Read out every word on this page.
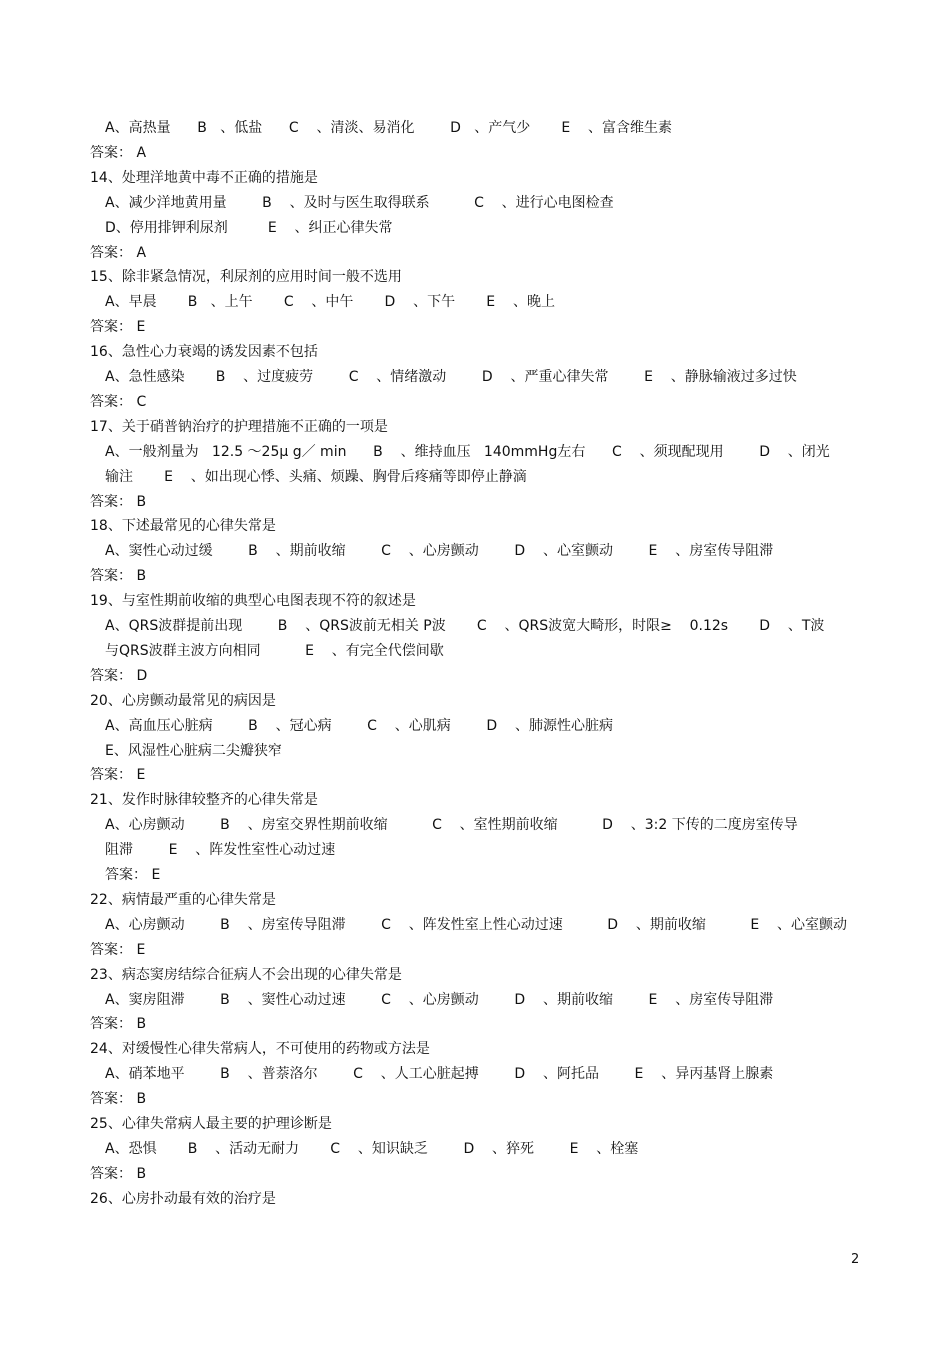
A、高热量      B   、低盐      C    、清淡、易消化        D   、产气少       E    、富含维生素
答案： A
14、处理洋地黄中毒不正确的措施是
A、减少洋地黄用量        B    、及时与医生取得联系          C    、进行心电图检查
D、停用排钾利尿剂         E    、纠正心律失常
答案： A
15、除非紧急情况，利尿剂的应用时间一般不选用
A、早晨       B   、上午       C    、中午       D    、下午       E    、晚上
答案： E
16、急性心力衰竭的诱发因素不包括
A、急性感染       B    、过度疲劳        C    、情绪激动        D    、严重心律失常        E    、静脉输液过多过快
答案： C
17、关于硝普钠治疗的护理措施不正确的一项是
A、一般剂量为   12.5 ～25μ g／ min      B    、维持血压   140mmHg左右      C    、须现配现用        D    、闭光
输注       E    、如出现心悸、头痛、烦躁、胸骨后疼痛等即停止静滴
答案： B
18、下述最常见的心律失常是
A、窦性心动过缓        B    、期前收缩        C    、心房颤动        D    、心室颤动        E    、房室传导阻滞
答案： B
19、与室性期前收缩的典型心电图表现不符的叙述是
A、QRS波群提前出现        B    、QRS波前无相关 P波       C    、QRS波宽大畸形，时限≥    0.12s       D    、T波
与QRS波群主波方向相同          E    、有完全代偿间歇
答案： D
20、心房颤动最常见的病因是
A、高血压心脏病        B    、冠心病        C    、心肌病        D    、肺源性心脏病
E、风湿性心脏病二尖瓣狭窄
答案： E
21、发作时脉律较整齐的心律失常是
A、心房颤动        B    、房室交界性期前收缩          C    、室性期前收缩          D    、3:2 下传的二度房室传导
阻滞        E    、阵发性室性心动过速
答案： E
22、病情最严重的心律失常是
A、心房颤动        B    、房室传导阻滞        C    、阵发性室上性心动过速          D    、期前收缩          E    、心室颤动
答案： E
23、病态窦房结综合征病人不会出现的心律失常是
A、窦房阻滞        B    、窦性心动过速        C    、心房颤动        D    、期前收缩        E    、房室传导阻滞
答案： B
24、对缓慢性心律失常病人，不可使用的药物或方法是
A、硝苯地平        B    、普萘洛尔        C    、人工心脏起搏        D    、阿托品        E    、异丙基肾上腺素
答案： B
25、心律失常病人最主要的护理诊断是
A、恐惧       B    、活动无耐力       C    、知识缺乏        D    、猝死        E    、栓塞
答案： B
26、心房扑动最有效的治疗是
2
